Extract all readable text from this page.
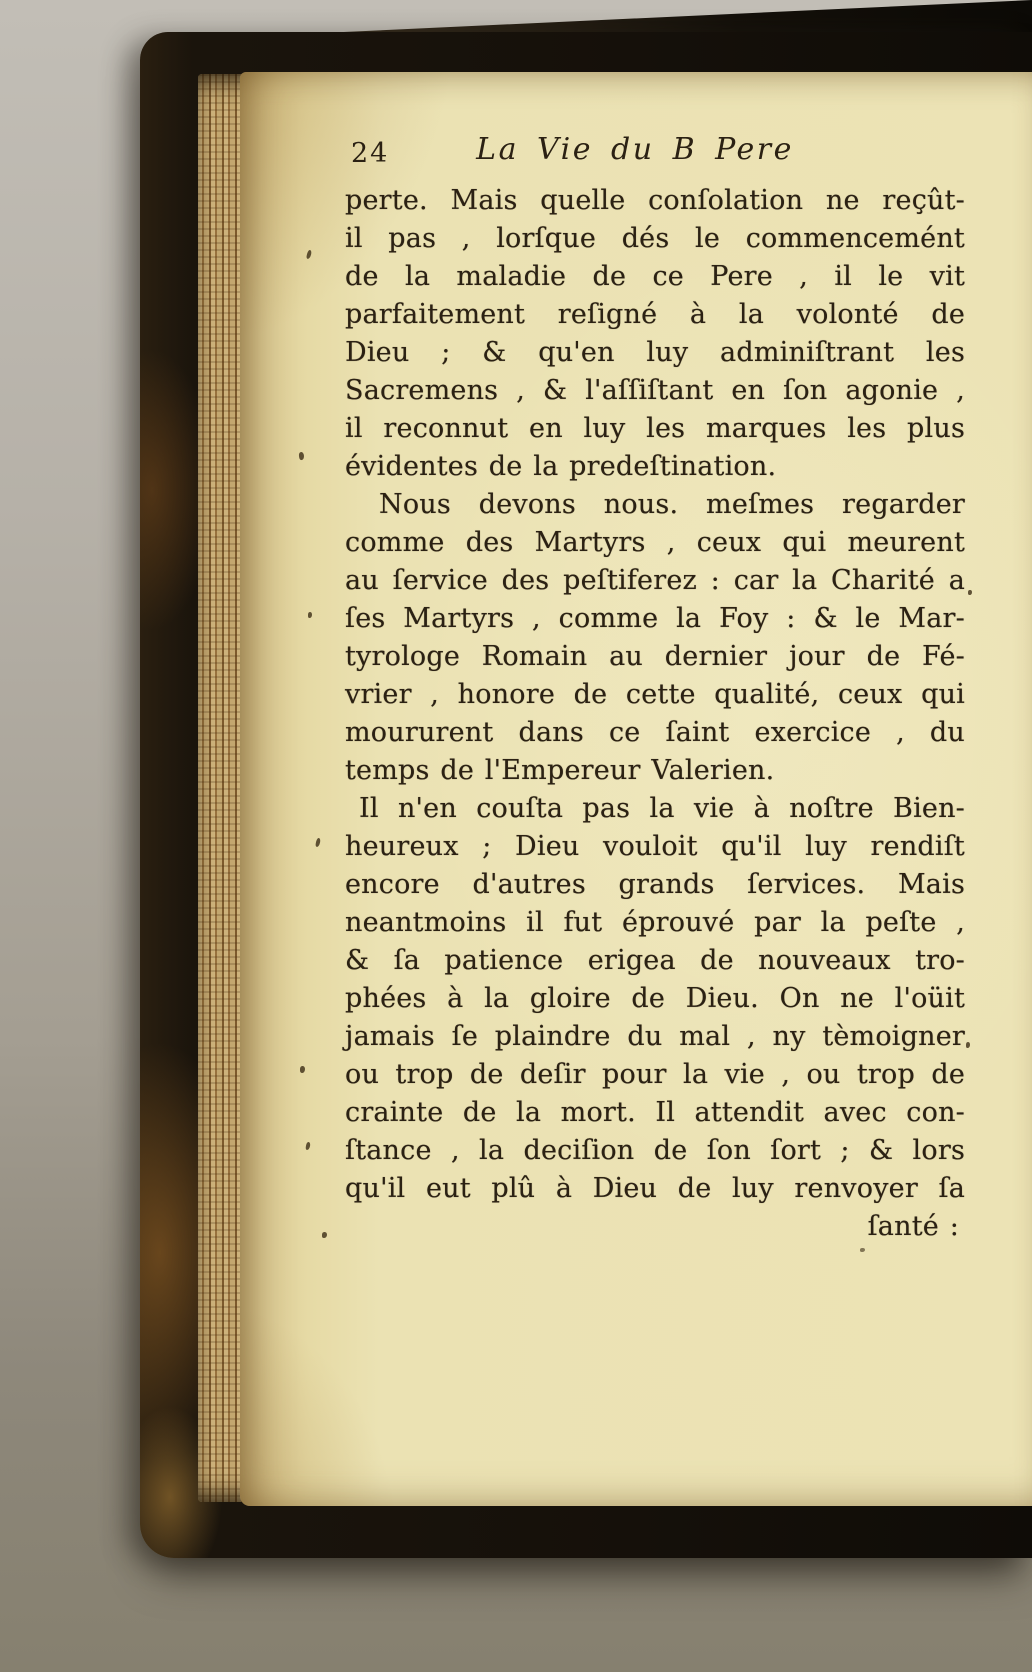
24	La Vie du B Pere
perte. Mais quelle conſolation ne reçût-
il pas , lorſque dés le commencemént
de la maladie de ce Pere , il le vit
parfaitement reſigné à la volonté de
Dieu ; & qu'en luy adminiſtrant les
Sacremens , & l'aſſiſtant en ſon agonie ,
il reconnut en luy les marques les plus
évidentes de la predeſtination.
Nous devons nous. meſmes regarder
comme des Martyrs , ceux qui meurent
au ſervice des peſtiferez : car la Charité a
ſes Martyrs , comme la Foy : & le Mar-
tyrologe Romain au dernier jour de Fé-
vrier , honore de cette qualité, ceux qui
moururent dans ce ſaint exercice , du
temps de l'Empereur Valerien.
Il n'en couſta pas la vie à noſtre Bien-
heureux ; Dieu vouloit qu'il luy rendiſt
encore d'autres grands ſervices. Mais
neantmoins il fut éprouvé par la peſte ,
& ſa patience erigea de nouveaux tro-
phées à la gloire de Dieu. On ne l'oüit
jamais ſe plaindre du mal , ny tèmoigner
ou trop de deſir pour la vie , ou trop de
crainte de la mort. Il attendit avec con-
ſtance , la deciſion de ſon ſort ; & lors
qu'il eut plû à Dieu de luy renvoyer ſa
ſanté :
